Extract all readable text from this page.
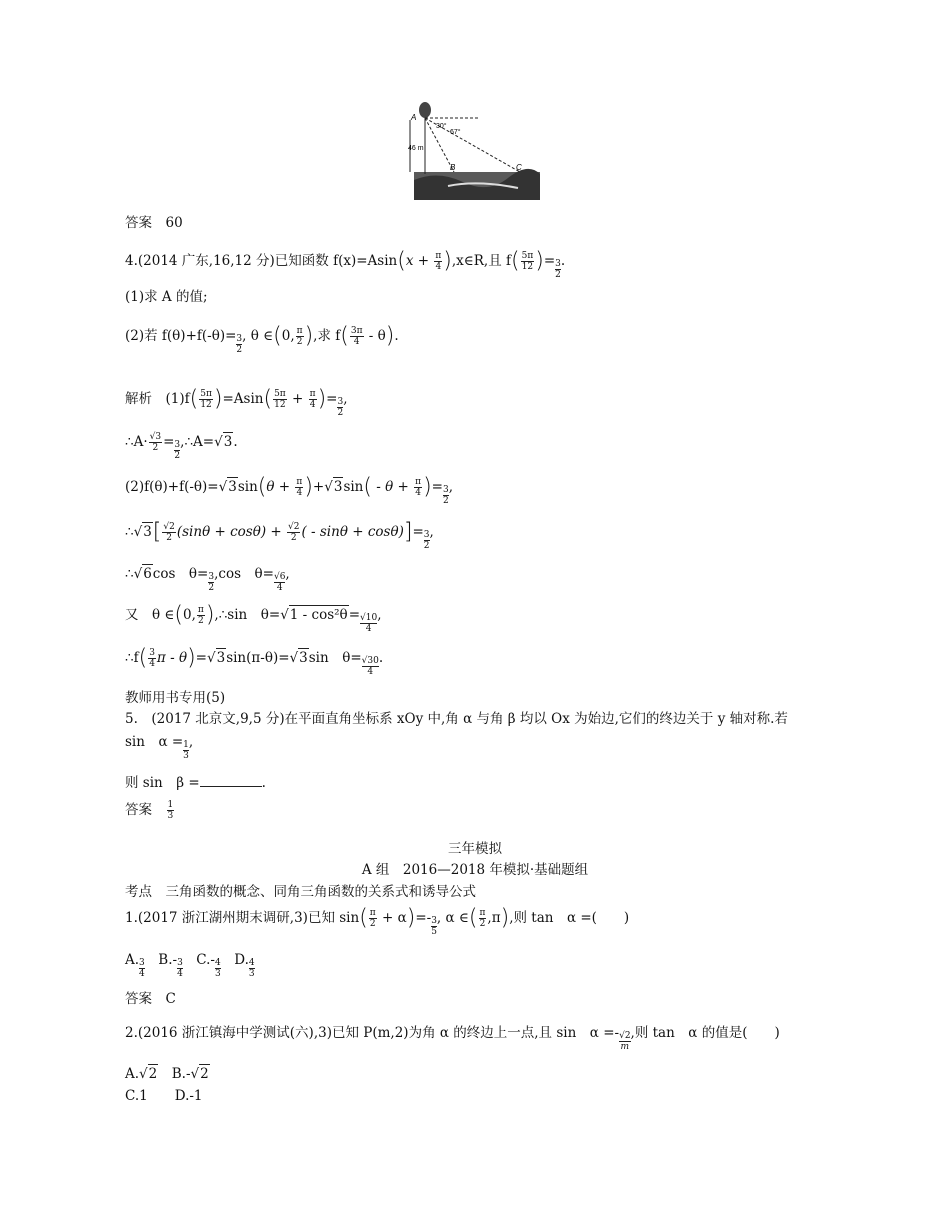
A
B	C
46 m
30°
67°
答案　60
4.(2014 广东,16,12 分)已知函数 $f(x)=Asin(x + \frac{\pi}{4}$ ),x∈R,且 $f( \frac{5\pi}{12}$ )= $\frac{3}{2}$.
(1)求 A 的值;
(2)若 $f(\theta)+f(-\theta)= \frac{3}{2}$, θ ∈(0, $\frac{\pi}{2}$ ),求 $f( \frac{3\pi}{4} - \theta)$.
解析　$(1)f( \frac{5\pi}{12} )=Asin( \frac{5\pi}{12} + \frac{\pi}{4}$ )= $\frac{3}{2}$,
∴A· $\frac{√3}{2}$ = $\frac{3}{2},\therefore A=√3$.
$(2)f(\theta)+f(-\theta)=√3\sin(\theta + \frac{\pi}{4} )+√3\sin( - \theta + \frac{\pi}{4}$ )= $\frac{3}{2}$,
∴√3[ $\frac{√2}{2} (\sin\theta + \cos\theta) + \frac{√2}{2}$ ( - $\sin\theta + \cos\theta)]= \frac{3}{2}$,
∴√6cos　$\theta= \frac{3}{2},\cos$　$\theta= \frac{√6}{4}$,
又　θ ∈(0, $\frac{\pi}{2}$ ),∴sin　$\theta=√1 - \cos^2\theta= \frac{√10}{4}$,
∴f( $\frac{3}{4}$ π - θ)=√3sin(π-θ)=√3sin　$\theta= \frac{√30}{4}$.
教师用书专用(5)
5.　(2017 北京文,9,5 分)在平面直角坐标系 xOy 中,角 α 与角 β 均以 Ox 为始边,它们的终边关于 y 轴对称.若
sin　$\alpha = \frac{1}{3}$,
则 sin　β =	.
答案　 $\frac{1}{3}$
三年模拟
A 组　2016—2018 年模拟·基础题组
考点　三角函数的概念、同角三角函数的关系式和诱导公式
1.(2017 浙江湖州期末调研,3)已知 $\sin( \frac{\pi}{2} + \alpha)=- \frac{3}{5}$, α ∈( $\frac{\pi}{2} ,\pi$),则 tan　α =(　　)
A. $\frac{3}{4}$　 $B.- \frac{3}{4}$　 $C.- \frac{4}{3}$　 D. $\frac{4}{3}$
答案　C
2.(2016 浙江镇海中学测试(六),3)已知 P(m,2)为角 α 的终边上一点,且 sin　$\alpha =- \frac{√2}{m}$,则 tan　α 的值是(　　)
A.√2　 B.-√2
C.1　　D.-1
